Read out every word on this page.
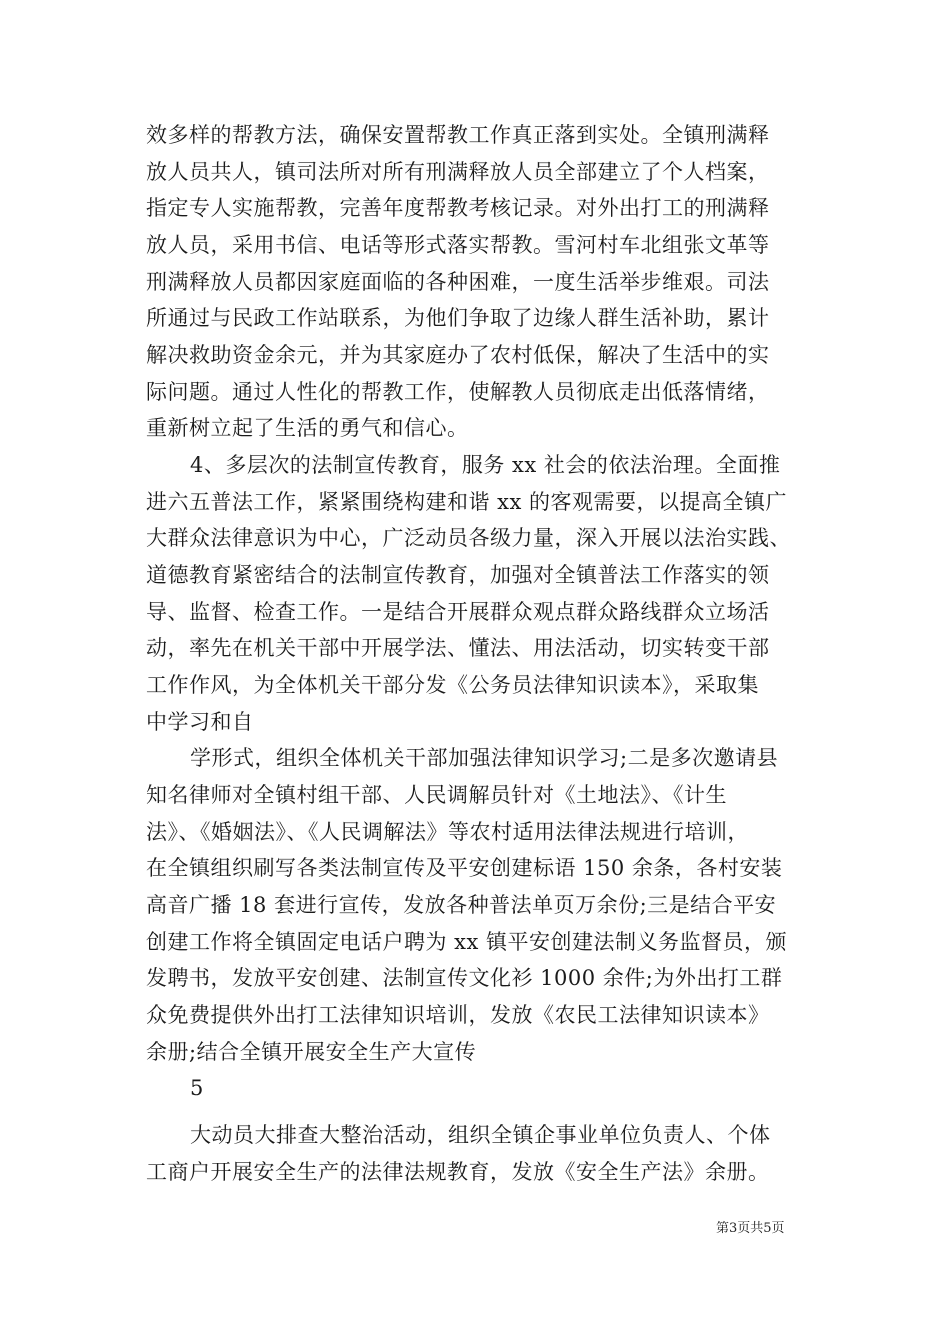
效多样的帮教方法，确保安置帮教工作真正落到实处。全镇刑满释
放人员共人，镇司法所对所有刑满释放人员全部建立了个人档案，
指定专人实施帮教，完善年度帮教考核记录。对外出打工的刑满释
放人员，采用书信、电话等形式落实帮教。雪河村车北组张文革等
刑满释放人员都因家庭面临的各种困难，一度生活举步维艰。司法
所通过与民政工作站联系，为他们争取了边缘人群生活补助，累计
解决救助资金余元，并为其家庭办了农村低保，解决了生活中的实
际问题。通过人性化的帮教工作，使解教人员彻底走出低落情绪，
重新树立起了生活的勇气和信心。
4、多层次的法制宣传教育，服务 xx 社会的依法治理。全面推
进六五普法工作，紧紧围绕构建和谐 xx 的客观需要，以提高全镇广
大群众法律意识为中心，广泛动员各级力量，深入开展以法治实践、
道德教育紧密结合的法制宣传教育，加强对全镇普法工作落实的领
导、监督、检查工作。一是结合开展群众观点群众路线群众立场活
动，率先在机关干部中开展学法、懂法、用法活动，切实转变干部
工作作风，为全体机关干部分发《公务员法律知识读本》，采取集
中学习和自
学形式，组织全体机关干部加强法律知识学习;二是多次邀请县
知名律师对全镇村组干部、人民调解员针对《土地法》、《计生
法》、《婚姻法》、《人民调解法》等农村适用法律法规进行培训，
在全镇组织刷写各类法制宣传及平安创建标语 150 余条，各村安装
高音广播 18 套进行宣传，发放各种普法单页万余份;三是结合平安
创建工作将全镇固定电话户聘为 xx 镇平安创建法制义务监督员，颁
发聘书，发放平安创建、法制宣传文化衫 1000 余件;为外出打工群
众免费提供外出打工法律知识培训，发放《农民工法律知识读本》
余册;结合全镇开展安全生产大宣传
5
大动员大排查大整治活动，组织全镇企事业单位负责人、个体
工商户开展安全生产的法律法规教育，发放《安全生产法》余册。
第3页共5页
